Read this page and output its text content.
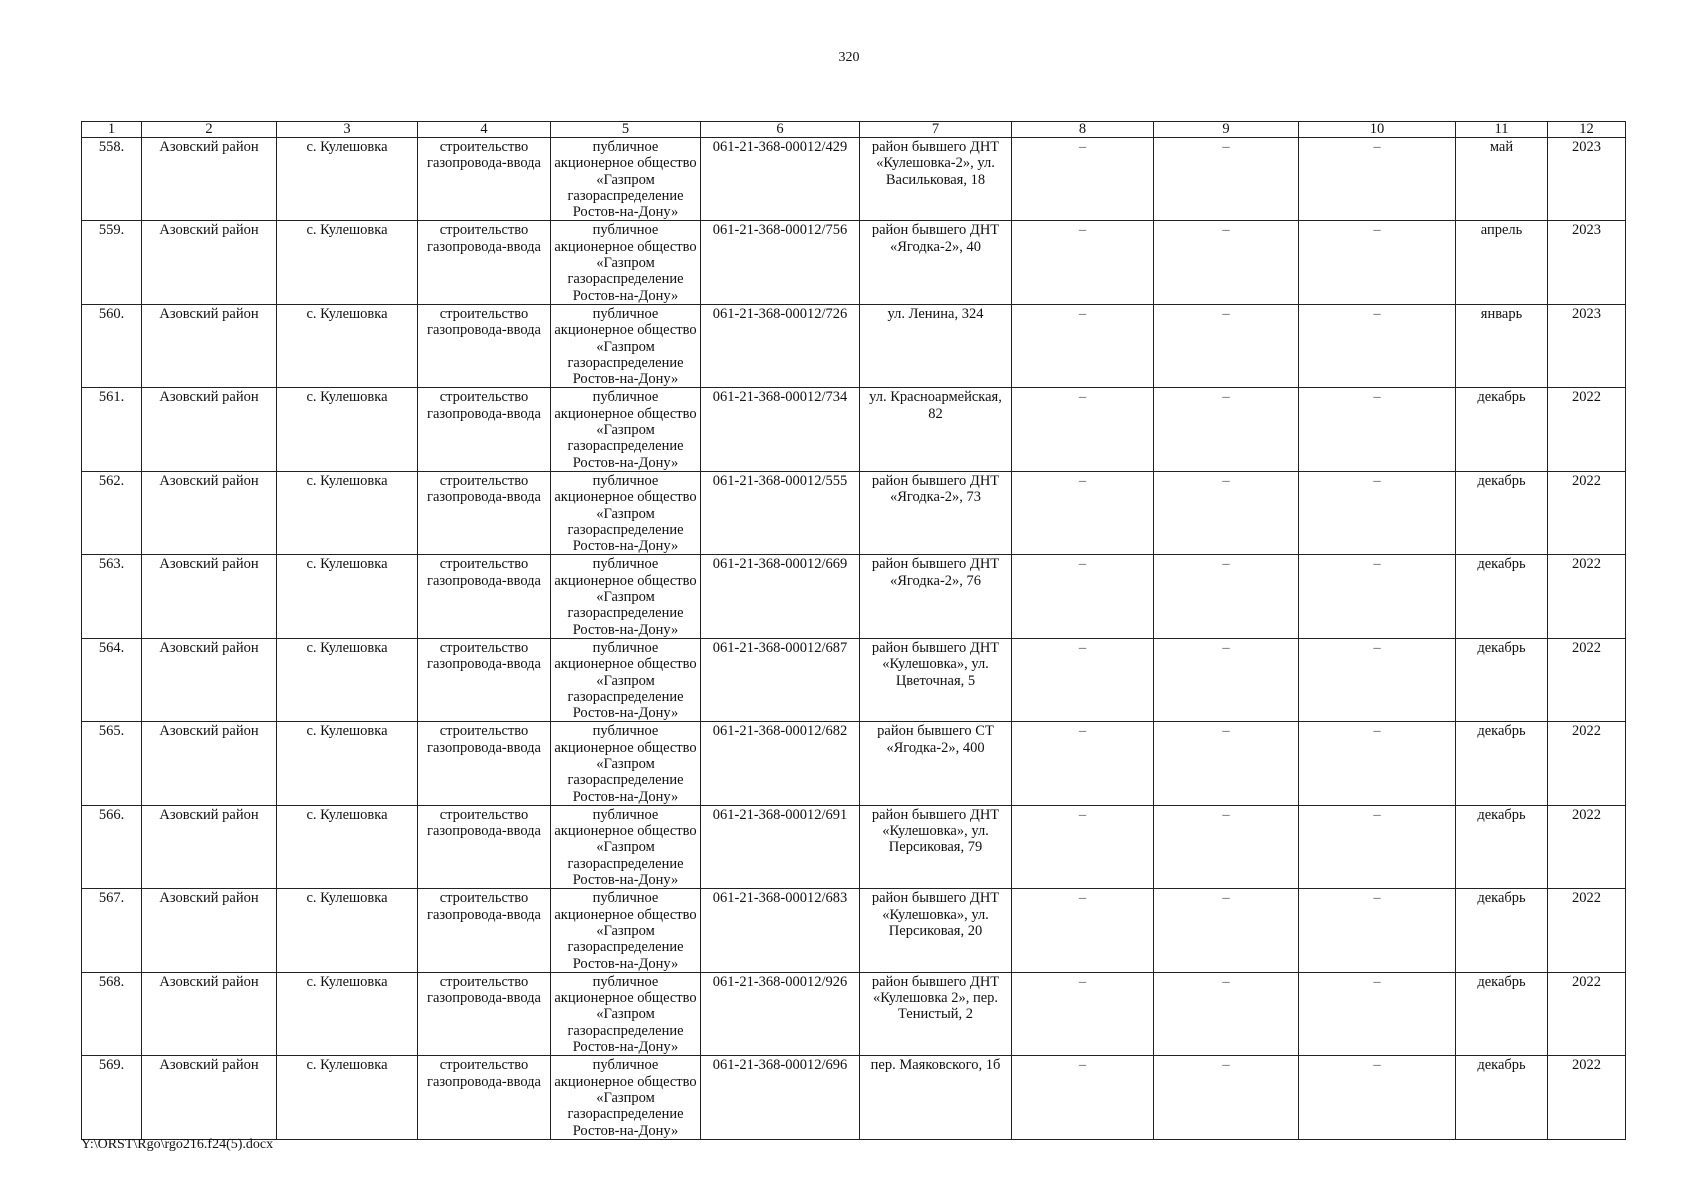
320
1	2	3	4	5	6	7	8	9	10	11	12
558.	Азовский район	с. Кулешовка	строительство газопровода-ввода	публичное акционерное общество «Газпром газораспределение Ростов-на-Дону»	061-21-368-00012/429	район бывшего ДНТ «Кулешовка-2», ул. Васильковая, 18	–	–	–	май	2023
559.	Азовский район	с. Кулешовка	строительство газопровода-ввода	публичное акционерное общество «Газпром газораспределение Ростов-на-Дону»	061-21-368-00012/756	район бывшего ДНТ «Ягодка-2», 40	–	–	–	апрель	2023
560.	Азовский район	с. Кулешовка	строительство газопровода-ввода	публичное акционерное общество «Газпром газораспределение Ростов-на-Дону»	061-21-368-00012/726	ул. Ленина, 324	–	–	–	январь	2023
561.	Азовский район	с. Кулешовка	строительство газопровода-ввода	публичное акционерное общество «Газпром газораспределение Ростов-на-Дону»	061-21-368-00012/734	ул. Красноармейская, 82	–	–	–	декабрь	2022
562.	Азовский район	с. Кулешовка	строительство газопровода-ввода	публичное акционерное общество «Газпром газораспределение Ростов-на-Дону»	061-21-368-00012/555	район бывшего ДНТ «Ягодка-2», 73	–	–	–	декабрь	2022
563.	Азовский район	с. Кулешовка	строительство газопровода-ввода	публичное акционерное общество «Газпром газораспределение Ростов-на-Дону»	061-21-368-00012/669	район бывшего ДНТ «Ягодка-2», 76	–	–	–	декабрь	2022
564.	Азовский район	с. Кулешовка	строительство газопровода-ввода	публичное акционерное общество «Газпром газораспределение Ростов-на-Дону»	061-21-368-00012/687	район бывшего ДНТ «Кулешовка», ул. Цветочная, 5	–	–	–	декабрь	2022
565.	Азовский район	с. Кулешовка	строительство газопровода-ввода	публичное акционерное общество «Газпром газораспределение Ростов-на-Дону»	061-21-368-00012/682	район бывшего СТ «Ягодка-2», 400	–	–	–	декабрь	2022
566.	Азовский район	с. Кулешовка	строительство газопровода-ввода	публичное акционерное общество «Газпром газораспределение Ростов-на-Дону»	061-21-368-00012/691	район бывшего ДНТ «Кулешовка», ул. Персиковая, 79	–	–	–	декабрь	2022
567.	Азовский район	с. Кулешовка	строительство газопровода-ввода	публичное акционерное общество «Газпром газораспределение Ростов-на-Дону»	061-21-368-00012/683	район бывшего ДНТ «Кулешовка», ул. Персиковая, 20	–	–	–	декабрь	2022
568.	Азовский район	с. Кулешовка	строительство газопровода-ввода	публичное акционерное общество «Газпром газораспределение Ростов-на-Дону»	061-21-368-00012/926	район бывшего ДНТ «Кулешовка 2», пер. Тенистый, 2	–	–	–	декабрь	2022
569.	Азовский район	с. Кулешовка	строительство газопровода-ввода	публичное акционерное общество «Газпром газораспределение Ростов-на-Дону»	061-21-368-00012/696	пер. Маяковского, 1б	–	–	–	декабрь	2022
Y:\ORST\Rgo\rgo216.f24(5).docx
